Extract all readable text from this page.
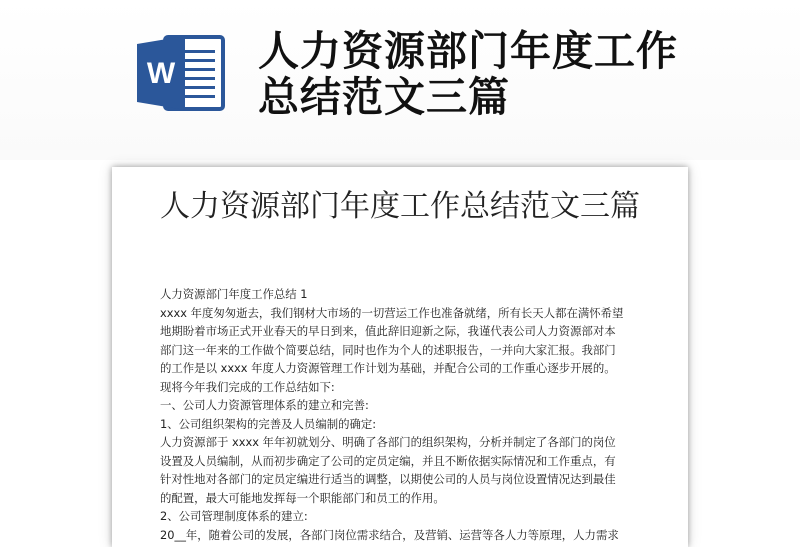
W 人力资源部门年度工作总结范文三篇
人力资源部门年度工作总结范文三篇

人力资源部门年度工作总结 1

xxxx 年度匆匆逝去，我们钢材大市场的一切营运工作也准备就绪，所有长天人都在满怀希望

地期盼着市场正式开业春天的早日到来，值此辞旧迎新之际，我谨代表公司人力资源部对本

部门这一年来的工作做个简要总结，同时也作为个人的述职报告，一并向大家汇报。我部门

的工作是以 xxxx 年度人力资源管理工作计划为基础，并配合公司的工作重心逐步开展的。

现将今年我们完成的工作总结如下:

一、公司人力资源管理体系的建立和完善:

1、公司组织架构的完善及人员编制的确定:

人力资源部于 xxxx 年年初就划分、明确了各部门的组织架构，分析并制定了各部门的岗位

设置及人员编制，从而初步确定了公司的定员定编，并且不断依据实际情况和工作重点，有

针对性地对各部门的定员定编进行适当的调整，以期使公司的人员与岗位设置情况达到最佳

的配置，最大可能地发挥每一个职能部门和员工的作用。

2、公司管理制度体系的建立:

20__年，随着公司的发展，各部门岗位需求结合，及营销、运营等各人力等原理，人力需求
